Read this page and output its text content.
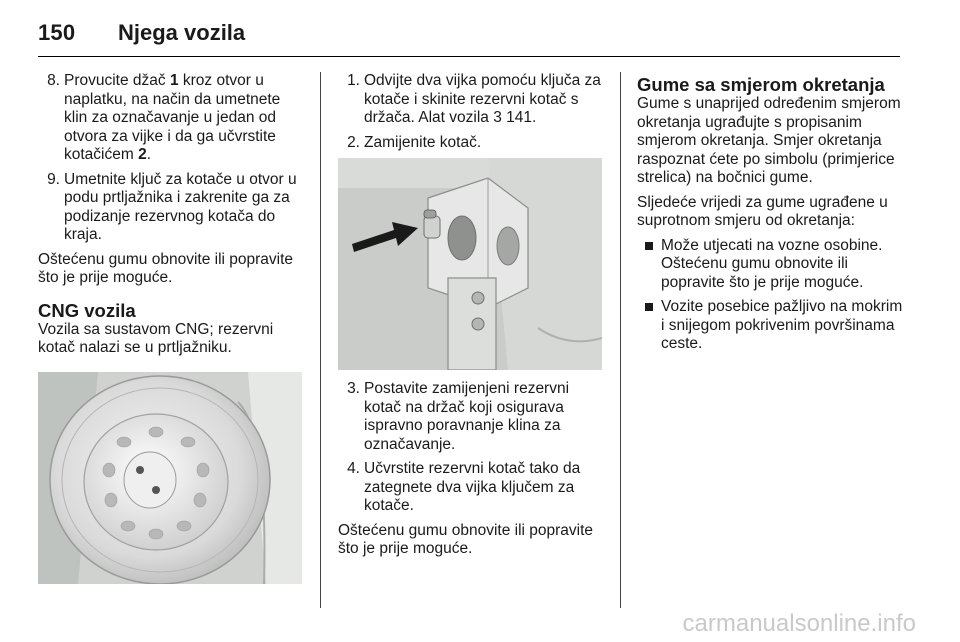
150 Njega vozila
8. Provucite džač 1 kroz otvor u naplatku, na način da umetnete klin za označavanje u jedan od otvora za vijke i da ga učvrstite kotačićem 2.
9. Umetnite ključ za kotače u otvor u podu prtljažnika i zakrenite ga za podizanje rezervnog kotača do kraja.

Oštećenu gumu obnovite ili popravite što je prije moguće.

CNG vozila

Vozila sa sustavom CNG; rezervni kotač nalazi se u prtljažniku.

1. Odvijte dva vijka pomoću ključa za kotače i skinite rezervni kotač s držača. Alat vozila 3 141.
2. Zamijenite kotač.
3. Postavite zamijenjeni rezervni kotač na držač koji osigurava ispravno poravnanje klina za označavanje.
4. Učvrstite rezervni kotač tako da zategnete dva vijka ključem za kotače.

Oštećenu gumu obnovite ili popravite što je prije moguće.

Gume sa smjerom okretanja

Gume s unaprijed određenim smjerom okretanja ugrađujte s propisanim smjerom okretanja. Smjer okretanja raspoznat ćete po simbolu (primjerice strelica) na bočnici gume.

Sljedeće vrijedi za gume ugrađene u suprotnom smjeru od okretanja:

Može utjecati na vozne osobine. Oštećenu gumu obnovite ili popravite što je prije moguće.
Vozite posebice pažljivo na mokrim i snijegom pokrivenim površinama ceste.
carmanualsonline.info
